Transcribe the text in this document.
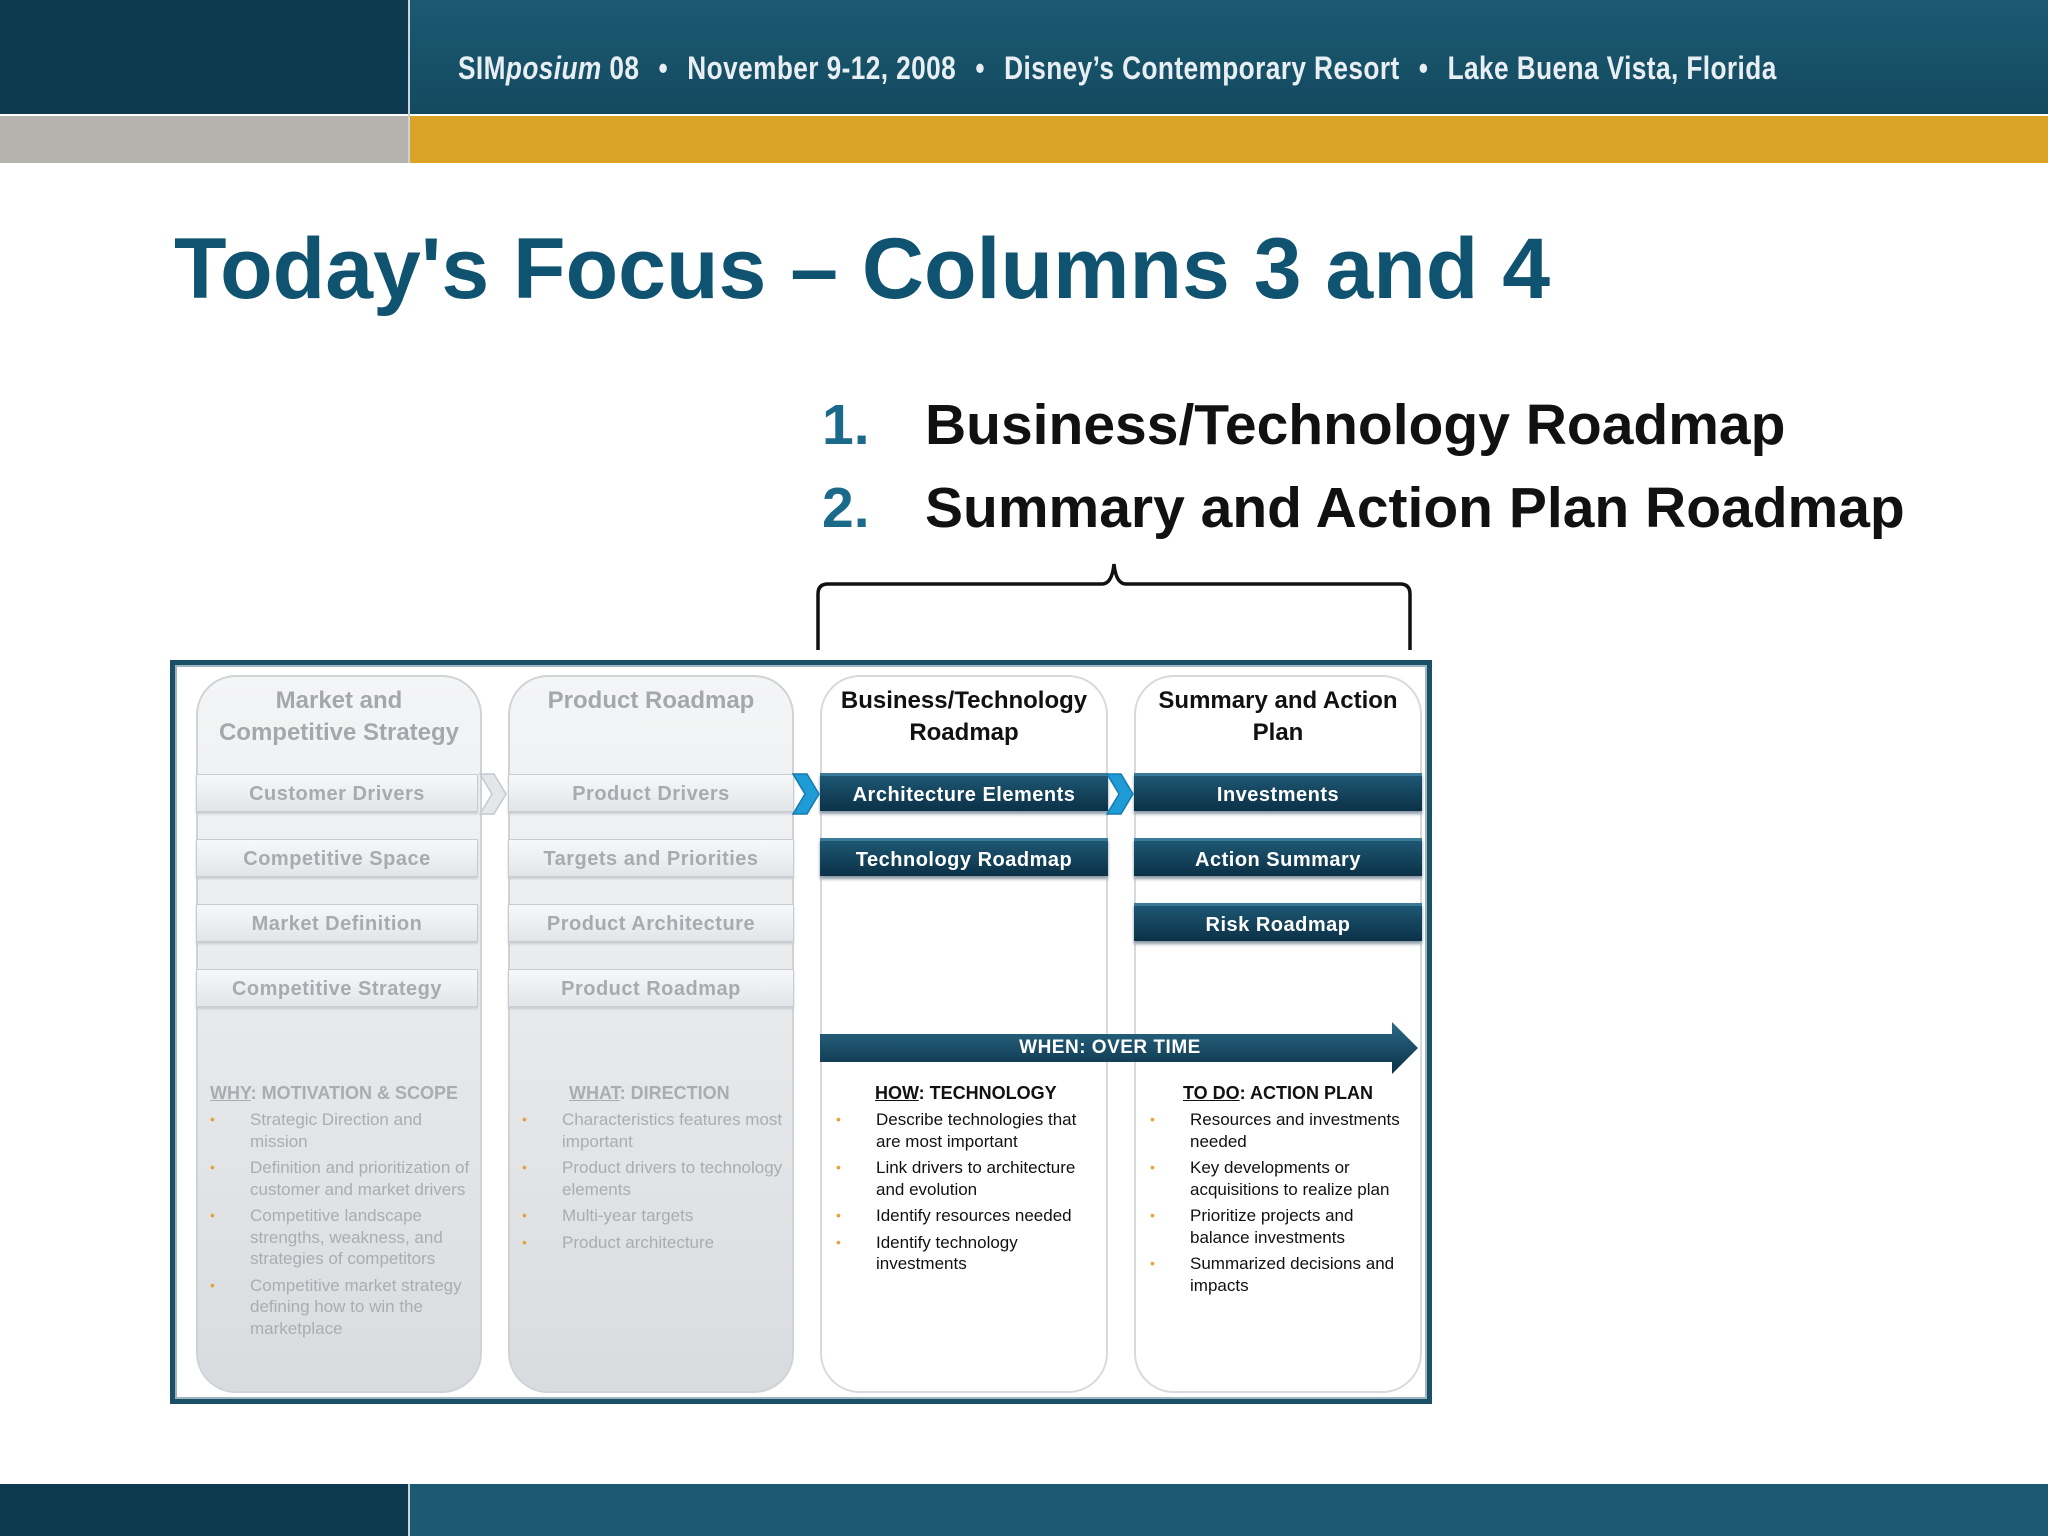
SIMposium 08 • November 9-12, 2008 • Disney’s Contemporary Resort • Lake Buena Vista, Florida
Today's Focus – Columns 3 and 4
1. Business/Technology Roadmap
2. Summary and Action Plan Roadmap
Market and
Competitive Strategy
Product Roadmap	Business/Technology
Roadmap
Summary and Action
Plan
Customer Drivers
Competitive Space
Market Definition
Competitive Strategy
Product Drivers
Targets and Priorities
Product Architecture
Product Roadmap
Architecture Elements
Technology Roadmap
Investments
Action Summary
Risk Roadmap
WHEN: OVER TIME
WHY: MOTIVATION & SCOPE	WHAT: DIRECTION	HOW: TECHNOLOGY	TO DO: ACTION PLAN
• Strategic Direction and mission
• Definition and prioritization of customer and market drivers
• Competitive landscape strengths, weakness, and strategies of competitors
• Competitive market strategy defining how to win the marketplace
• Characteristics features most important
• Product drivers to technology elements
• Multi-year targets
• Product architecture
• Describe technologies that are most important
• Link drivers to architecture and evolution
• Identify resources needed
• Identify technology investments
• Resources and investments needed
• Key developments or acquisitions to realize plan
• Prioritize projects and balance investments
• Summarized decisions and impacts
